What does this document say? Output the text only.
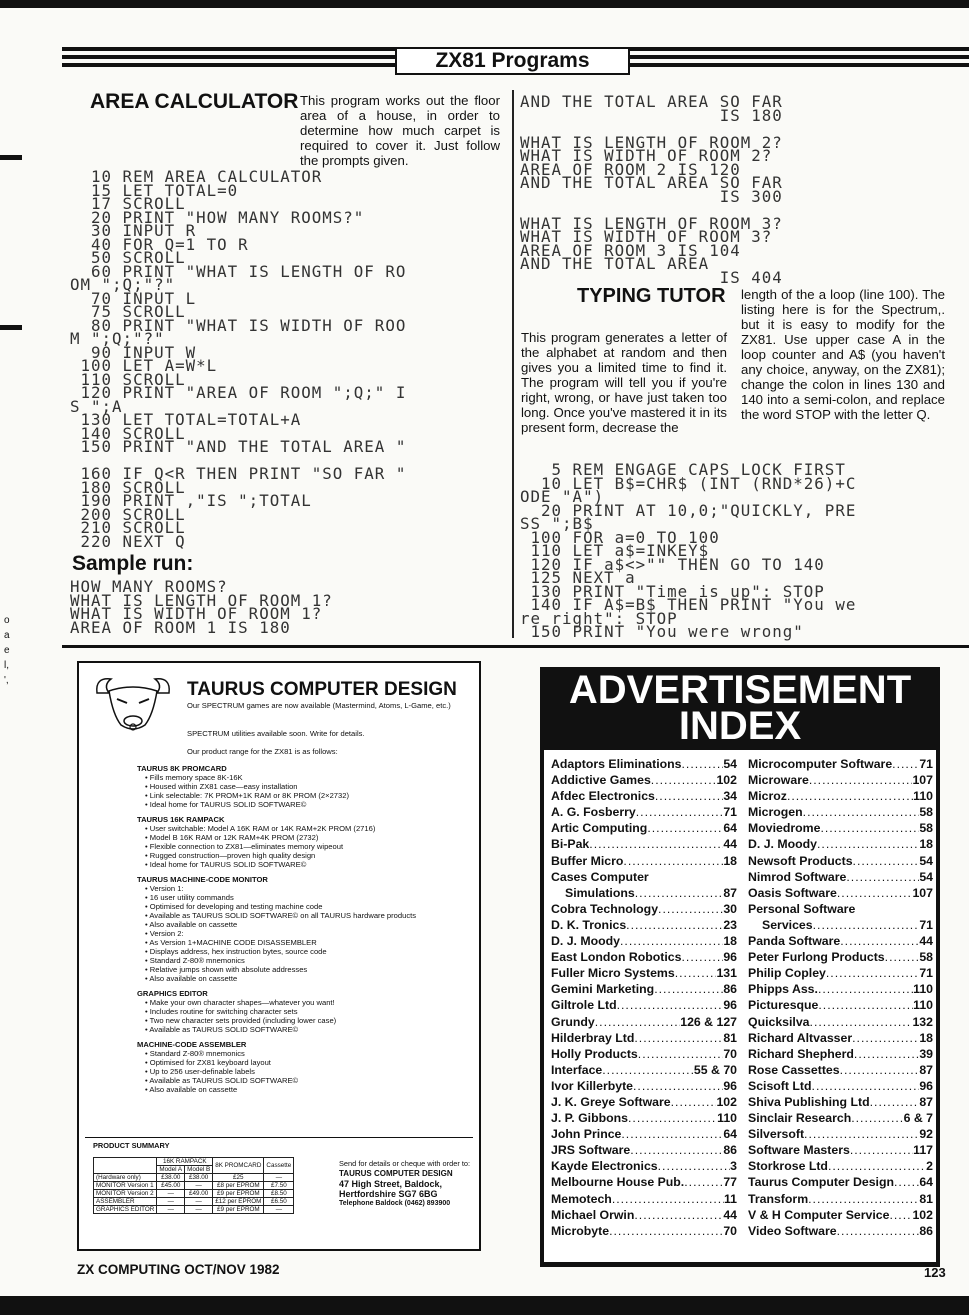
o
a
e
l,
',
ZX81 Programs
AREA CALCULATOR This program works out the floor area of a house, in order to determine how much carpet is required to cover it. Just follow the prompts given.
10 REM AREA CALCULATOR
15 LET TOTAL=0
17 SCROLL
20 PRINT "HOW MANY ROOMS?"
30 INPUT R
40 FOR Q=1 TO R
50 SCROLL
60 PRINT "WHAT IS LENGTH OF RO
OM ";Q;"?"
70 INPUT L
75 SCROLL
80 PRINT "WHAT IS WIDTH OF ROO
M ";Q;"?"
90 INPUT W
100 LET A=W*L
110 SCROLL
120 PRINT "AREA OF ROOM ";Q;" I
S ";A
130 LET TOTAL=TOTAL+A
140 SCROLL
150 PRINT "AND THE TOTAL AREA "
160 IF Q<R THEN PRINT "SO FAR "
180 SCROLL
190 PRINT ,"IS ";TOTAL
200 SCROLL
210 SCROLL
220 NEXT Q
Sample run:
HOW MANY ROOMS?
WHAT IS LENGTH OF ROOM 1?
WHAT IS WIDTH OF ROOM 1?
AREA OF ROOM 1 IS 180
AND THE TOTAL AREA SO FAR
IS 180
WHAT IS LENGTH OF ROOM 2?
WHAT IS WIDTH OF ROOM 2?
AREA OF ROOM 2 IS 120
AND THE TOTAL AREA SO FAR
IS 300
WHAT IS LENGTH OF ROOM 3?
WHAT IS WIDTH OF ROOM 3?
AREA OF ROOM 3 IS 104
AND THE TOTAL AREA
IS 404
TYPING TUTOR
This program generates a letter of the alphabet at random and then gives you a limited time to find it. The program will tell you if you're right, wrong, or have just taken too long. Once you've mastered it in its present form, decrease the
length of the a loop (line 100). The listing here is for the Spectrum,. but it is easy to modify for the ZX81. Use upper case A in the loop counter and A$ (you haven't any choice, anyway, on the ZX81); change the colon in lines 130 and 140 into a semi-colon, and replace the word STOP with the letter Q.
5 REM ENGAGE CAPS LOCK FIRST
10 LET B$=CHR$ (INT (RND*26)+C
ODE "A")
20 PRINT AT 10,0;"QUICKLY, PRE
SS ";B$
100 FOR a=0 TO 100
110 LET a$=INKEY$
120 IF a$<>"" THEN GO TO 140
125 NEXT a
130 PRINT "Time is up": STOP
140 IF A$=B$ THEN PRINT "You we
re right": STOP
150 PRINT "You were wrong"
TAURUS COMPUTER DESIGN
Our SPECTRUM games are now available (Mastermind, Atoms, L-Game, etc.)
SPECTRUM utilities available soon. Write for details.
Our product range for the ZX81 is as follows:
TAURUS 8K PROMCARD
• Fills memory space 8K-16K
• Housed within ZX81 case—easy installation
• Link selectable: 7K PROM+1K RAM or 8K PROM (2×2732)
• Ideal home for TAURUS SOLID SOFTWARE©
TAURUS 16K RAMPACK
• User switchable: Model A 16K RAM or 14K RAM+2K PROM (2716)
• Model B 16K RAM or 12K RAM+4K PROM (2732)
• Flexible connection to ZX81—eliminates memory wipeout
• Rugged construction—proven high quality design
• Ideal home for TAURUS SOLID SOFTWARE©
TAURUS MACHINE-CODE MONITOR
• Version 1:
• 16 user utility commands
• Optimised for developing and testing machine code
• Available as TAURUS SOLID SOFTWARE© on all TAURUS hardware products
• Also available on cassette
• Version 2:
• As Version 1+MACHINE CODE DISASSEMBLER
• Displays address, hex instruction bytes, source code
• Standard Z-80® mnemonics
• Relative jumps shown with absolute addresses
• Also available on cassette
GRAPHICS EDITOR
• Make your own character shapes—whatever you want!
• Includes routine for switching character sets
• Two new character sets provided (including lower case)
• Available as TAURUS SOLID SOFTWARE©
MACHINE-CODE ASSEMBLER
• Standard Z-80® mnemonics
• Optimised for ZX81 keyboard layout
• Up to 256 user-definable labels
• Available as TAURUS SOLID SOFTWARE©
• Also available on cassette
PRODUCT SUMMARY
	16K RAMPACK		8K PROMCARD	Cassette
	Model A	Model B		
(Hardware only)	£38.00	£38.00	£25	—
MONITOR Version 1	£45.00	—	£8 per EPROM	£7.50
MONITOR Version 2	—	£49.00	£9 per EPROM	£8.50
ASSEMBLER	—	—	£12 per EPROM	£6.50
GRAPHICS EDITOR	—	—	£9 per EPROM	—
Send for details or cheque with order to:
TAURUS COMPUTER DESIGN
47 High Street, Baldock,
Hertfordshire SG7 6BG
Telephone Baldock (0462) 893900
ADVERTISEMENT
INDEX
Adaptors Eliminations .....	54
Addictive Games .....	102
Afdec Electronics .....	34
A. G. Fosberry .....	71
Artic Computing .....	64
Bi-Pak .....	44
Buffer Micro .....	18
Cases Computer
Simulations .....	87
Cobra Technology .....	30
D. K. Tronics .....	23
D. J. Moody .....	18
East London Robotics .....	96
Fuller Micro Systems .....	131
Gemini Marketing .....	86
Giltrole Ltd .....	96
Grundy .....	126 & 127
Hilderbray Ltd .....	81
Holly Products .....	70
Interface .....	55 & 70
Ivor Killerbyte .....	96
J. K. Greye Software .....	102
J. P. Gibbons .....	110
John Prince .....	64
JRS Software .....	86
Kayde Electronics .....	3
Melbourne House Pub. .....	77
Memotech .....	11
Michael Orwin .....	44
Microbyte .....	70
Microcomputer Software ..... 71
Microware .....	107
Microz .....	110
Microgen .....	58
Moviedrome .....	58
D. J. Moody .....	18
Newsoft Products .....	54
Nimrod Software .....	54
Oasis Software .....	107
Personal Software
Services .....	71
Panda Software .....	44
Peter Furlong Products .....	58
Philip Copley .....	71
Phipps Ass. .....	110
Picturesque .....	110
Quicksilva .....	132
Richard Altvasser .....	18
Richard Shepherd .....	39
Rose Cassettes .....	87
Scisoft Ltd .....	96
Shiva Publishing Ltd .....	87
Sinclair Research .....	6 & 7
Silversoft .....	92
Software Masters .....	117
Storkrose Ltd .....	2
Taurus Computer Design ..... 64
Transform .....	81
V & H Computer Service ..... 102
Video Software .....	86
ZX COMPUTING OCT/NOV 1982	123
